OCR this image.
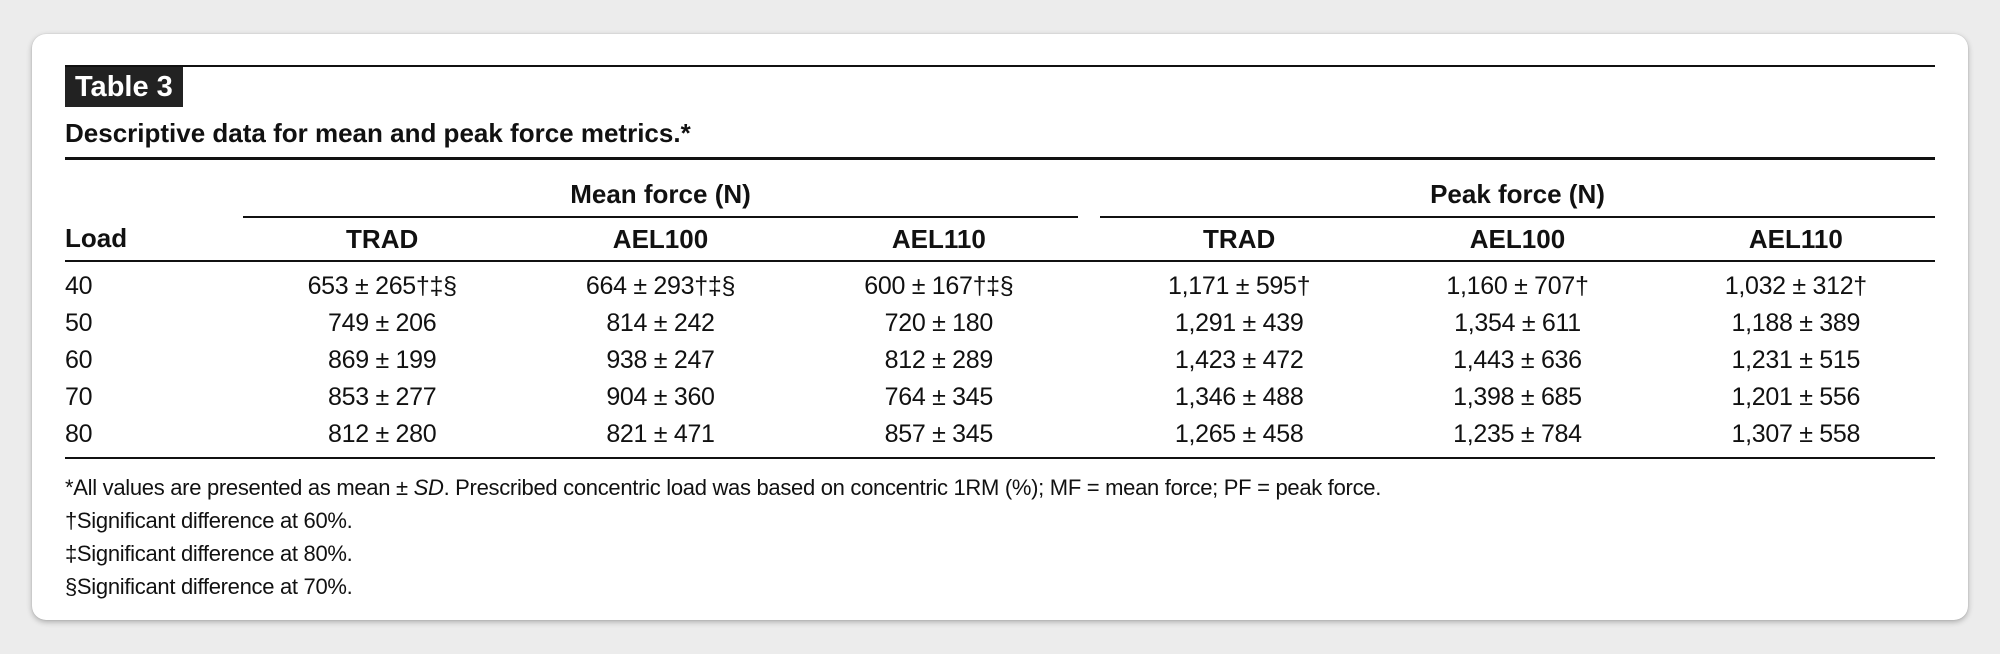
Table 3
Descriptive data for mean and peak force metrics.*
	Mean force (N)				Peak force (N)		
Load	TRAD	AEL100	AEL110		TRAD	AEL100	AEL110
40	653 ± 265†‡§	664 ± 293†‡§	600 ± 167†‡§		1,171 ± 595†	1,160 ± 707†	1,032 ± 312†
50	749 ± 206	814 ± 242	720 ± 180		1,291 ± 439	1,354 ± 611	1,188 ± 389
60	869 ± 199	938 ± 247	812 ± 289		1,423 ± 472	1,443 ± 636	1,231 ± 515
70	853 ± 277	904 ± 360	764 ± 345		1,346 ± 488	1,398 ± 685	1,201 ± 556
80	812 ± 280	821 ± 471	857 ± 345		1,265 ± 458	1,235 ± 784	1,307 ± 558
*All values are presented as mean ± SD. Prescribed concentric load was based on concentric 1RM (%); MF = mean force; PF = peak force.
†Significant difference at 60%.
‡Significant difference at 80%.
§Significant difference at 70%.
